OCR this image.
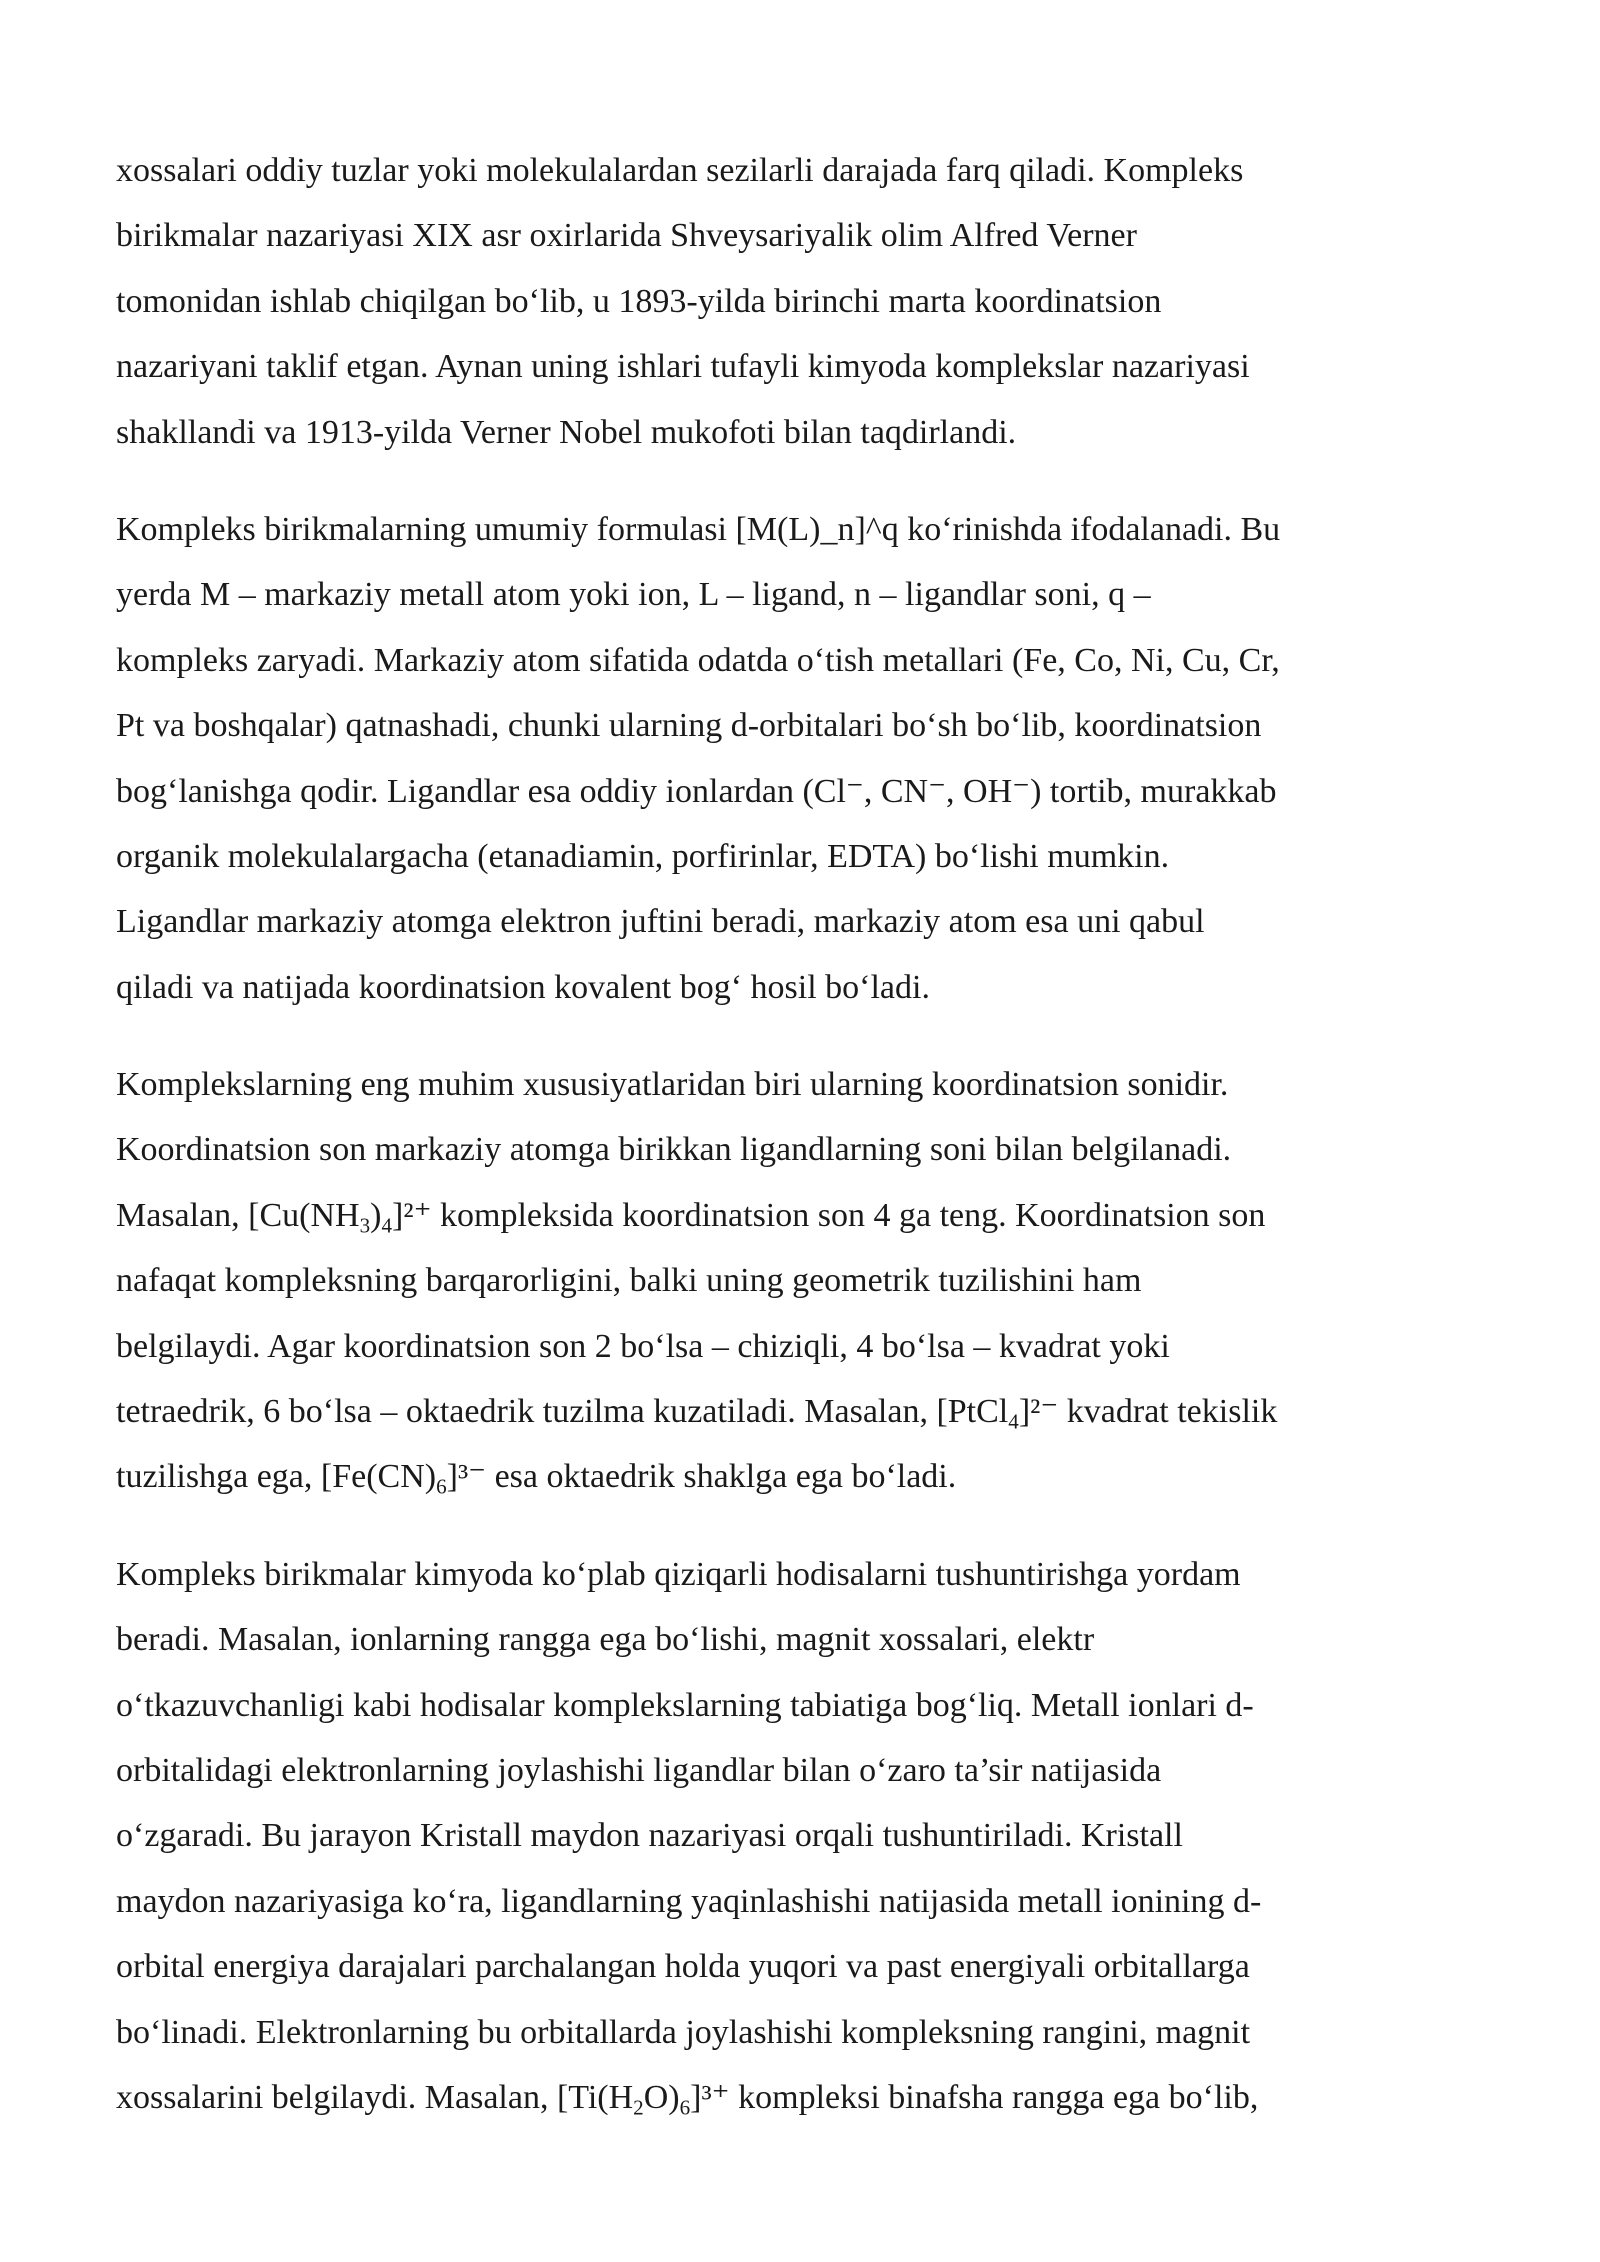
xossalari oddiy tuzlar yoki molekulalardan sezilarli darajada farq qiladi. Kompleks
birikmalar nazariyasi XIX asr oxirlarida Shveysariyalik olim Alfred Verner
tomonidan ishlab chiqilgan bo‘lib, u 1893-yilda birinchi marta koordinatsion
nazariyani taklif etgan. Aynan uning ishlari tufayli kimyoda komplekslar nazariyasi
shakllandi va 1913-yilda Verner Nobel mukofoti bilan taqdirlandi.

Kompleks birikmalarning umumiy formulasi [M(L)_n]^q ko‘rinishda ifodalanadi. Bu
yerda M – markaziy metall atom yoki ion, L – ligand, n – ligandlar soni, q –
kompleks zaryadi. Markaziy atom sifatida odatda o‘tish metallari (Fe, Co, Ni, Cu, Cr,
Pt va boshqalar) qatnashadi, chunki ularning d-orbitalari bo‘sh bo‘lib, koordinatsion
bog‘lanishga qodir. Ligandlar esa oddiy ionlardan (Cl⁻, CN⁻, OH⁻) tortib, murakkab
organik molekulalargacha (etanadiamin, porfirinlar, EDTA) bo‘lishi mumkin.
Ligandlar markaziy atomga elektron juftini beradi, markaziy atom esa uni qabul
qiladi va natijada koordinatsion kovalent bog‘ hosil bo‘ladi.

Komplekslarning eng muhim xususiyatlaridan biri ularning koordinatsion sonidir.
Koordinatsion son markaziy atomga birikkan ligandlarning soni bilan belgilanadi.
Masalan, $[Cu(NH_3)_4]^{2+}$ kompleksida koordinatsion son 4 ga teng. Koordinatsion son
nafaqat kompleksning barqarorligini, balki uning geometrik tuzilishini ham
belgilaydi. Agar koordinatsion son 2 bo‘lsa – chiziqli, 4 bo‘lsa – kvadrat yoki
tetraedrik, 6 bo‘lsa – oktaedrik tuzilma kuzatiladi. Masalan, [PtCl$_4$]²⁻ kvadrat tekislik
tuzilishga ega, $[Fe(CN)_6]^{3-}$ esa oktaedrik shaklga ega bo‘ladi.

Kompleks birikmalar kimyoda ko‘plab qiziqarli hodisalarni tushuntirishga yordam
beradi. Masalan, ionlarning rangga ega bo‘lishi, magnit xossalari, elektr
o‘tkazuvchanligi kabi hodisalar komplekslarning tabiatiga bog‘liq. Metall ionlari d-
orbitalidagi elektronlarning joylashishi ligandlar bilan o‘zaro ta’sir natijasida
o‘zgaradi. Bu jarayon Kristall maydon nazariyasi orqali tushuntiriladi. Kristall
maydon nazariyasiga ko‘ra, ligandlarning yaqinlashishi natijasida metall ionining d-
orbital energiya darajalari parchalangan holda yuqori va past energiyali orbitallarga
bo‘linadi. Elektronlarning bu orbitallarda joylashishi kompleksning rangini, magnit
xossalarini belgilaydi. Masalan, $[Ti(H_2O)_6]^{3+}$ kompleksi binafsha rangga ega bo‘lib,
